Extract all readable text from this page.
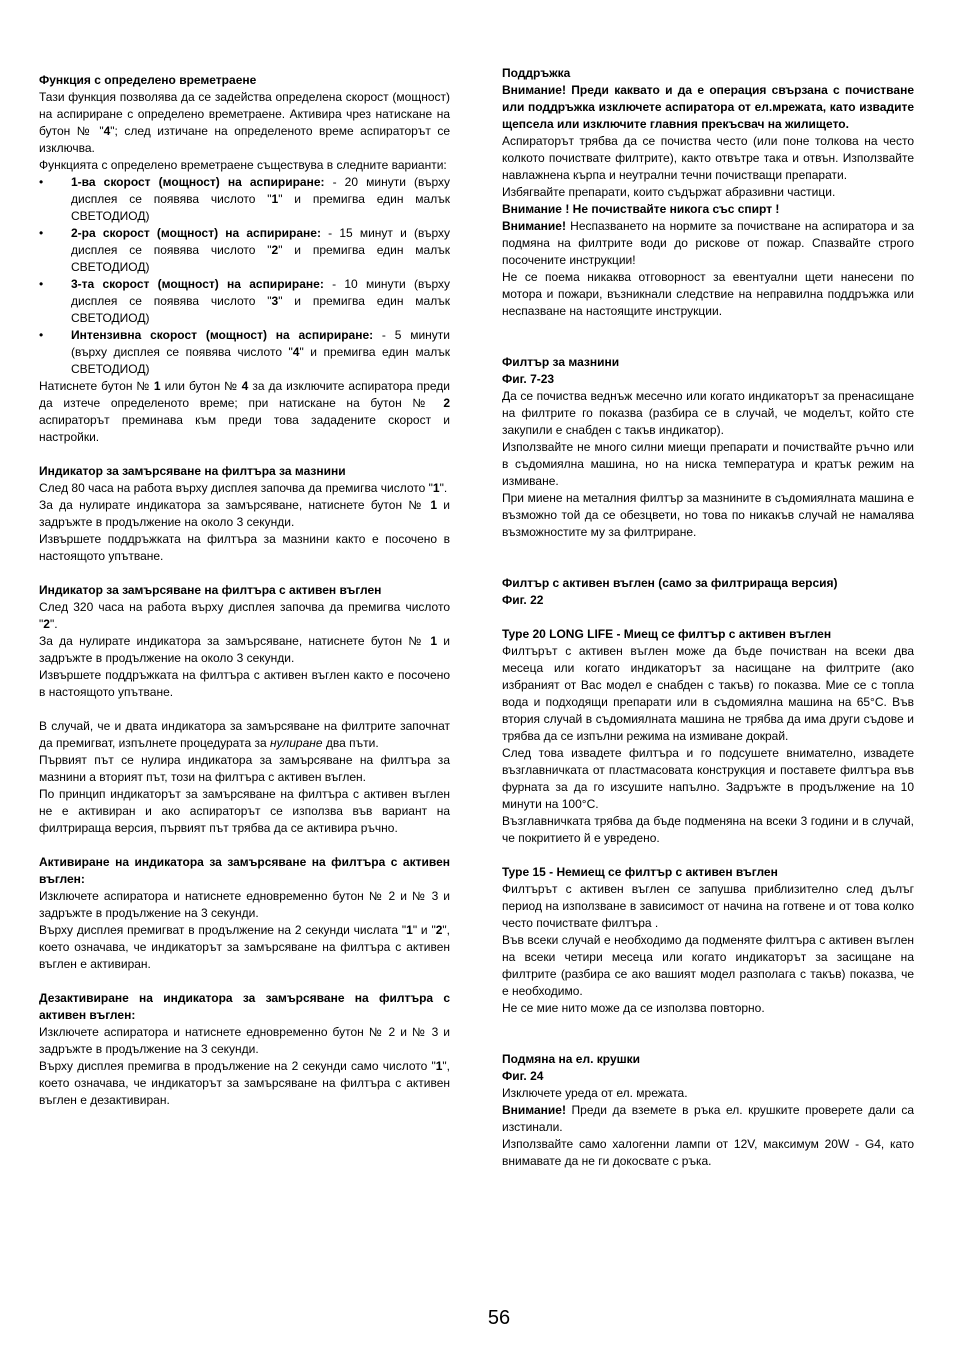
Функция с определено времетраене

Тази функция позволява да се задейства определена скорост (мощност) на аспириране с определено времетраене. Активира чрез натискане на бутон № "4"; след изтичане на определеното време аспираторът се изключва.

Функцията с определено времетраене съществува в следните варианти:

• 1-ва скорост (мощност) на аспириране: - 20 минути (върху дисплея се появява числото "1" и премигва един малък СВЕТОДИОД)
• 2-ра скорост (мощност) на аспириране: - 15 минут и (върху дисплея се появява числото "2" и премигва един малък СВЕТОДИОД)
• 3-та скорост (мощност) на аспириране: - 10 минути (върху дисплея се появява числото "3" и премигва един малък СВЕТОДИОД)
• Интензивна скорост (мощност) на аспириране: - 5 минути (върху дисплея се появява числото "4" и премигва един малък СВЕТОДИОД)

Натиснете бутон № 1 или бутон № 4 за да изключите аспиратора преди да изтече определеното време; при натискане на бутон № 2 аспираторът преминава към преди това зададените скорост и настройки.

Индикатор за замърсяване на филтъра за мазнини

След 80 часа на работа върху дисплея започва да премигва числото "1".

За да нулирате индикатора за замърсяване, натиснете бутон № 1 и задръжте в продължение на около 3 секунди.

Извършете поддръжката на филтъра за мазнини както е посочено в настоящото упътване.

Индикатор за замърсяване на филтъра с активен въглен

След 320 часа на работа върху дисплея започва да премигва числото "2".

За да нулирате индикатора за замърсяване, натиснете бутон № 1 и задръжте в продължение на около 3 секунди.

Извършете поддръжката на филтъра с активен въглен както е посочено в настоящото упътване.

В случай, че и двата индикатора за замърсяване на филтрите започнат да премигват, изпълнете процедурата за нулиране два пъти.

Първият път се нулира индикатора за замърсяване на филтъра за мазнини а вторият път, този на филтъра с активен въглен.

По принцип индикаторът за замърсяване на филтъра с активен въглен не е активиран и ако аспираторът се използва във вариант на филтрираща версия, първият път трябва да се активира ръчно.

Активиране на индикатора за замърсяване на филтъра с активен въглен:

Изключете аспиратора и натиснете едновременно бутон № 2 и № 3 и задръжте в продължение на 3 секунди.

Върху дисплея премигват в продължение на 2 секунди числата "1" и "2", което означава, че индикаторът за замърсяване на филтъра с активен въглен е активиран.

Дезактивиране на индикатора за замърсяване на филтъра с активен въглен:

Изключете аспиратора и натиснете едновременно бутон № 2 и № 3 и задръжте в продължение на 3 секунди.

Върху дисплея премигва в продължение на 2 секунди само числото "1", което означава, че индикаторът за замърсяване на филтъра с активен въглен е дезактивиран.

Поддръжка

Внимание! Преди каквато и да е операция свързана с почистване или поддръжка изключете аспиратора от ел.мрежата, като извадите щепсела или изключите главния прекъсвач на жилището.

Аспираторът трябва да се почиства често (или поне толкова на често колкото почиствате филтрите), както отвътре така и отвън. Използвайте навлажнена кърпа и неутрални течни почистващи препарати.

Избягвайте препарати, които съдържат абразивни частици.

Внимание ! Не почиствайте никога със спирт !

Внимание! Неспазването на нормите за почистване на аспиратора и за подмяна на филтрите води до рискове от пожар. Спазвайте строго посочените инструкции!

Не се поема никаква отговорност за евентуални щети нанесени по мотора и пожари, възникнали следствие на неправилна поддръжка или неспазване на настоящите инструкции.

Филтър за мазнини
Фиг. 7-23

Да се почиства веднъж месечно или когато индикаторът за пренасищане на филтрите го показва (разбира се в случай, че моделът, който сте закупили е снабден с такъв индикатор).

Използвайте не много силни миещи препарати и почиствайте ръчно или в съдомиялна машина, но на ниска температура и кратък режим на измиване.

При миене на металния филтър за мазнините в съдомиялната машина е възможно той да се обезцвети, но това по никакъв случай не намалява възможностите му за филтриране.

Филтър с активен въглен (само за филтрираща версия)
Фиг. 22
Type 20 LONG LIFE - Миещ се филтър с активен въглен

Филтърът с активен въглен може да бъде почистван на всеки два месеца или когато индикаторът за насищане на филтрите (ако избраният от Вас модел е снабден с такъв) го показва. Мие се с топла вода и подходящи препарати или в съдомиялна машина на 65°C. Във втория случай в съдомиялната машина не трябва да има други съдове и трябва да се изпълни режима на измиване докрай.

След това извадете филтъра и го подсушете внимателно, извадете възглавничката от пластмасовата конструкция и поставете филтъра във фурната за да го изсушите напълно. Задръжте в продължение на 10 минути на 100°C.

Възглавничката трябва да бъде подменяна на всеки 3 години и в случай, че покритието й е увредено.

Type 15 - Немиещ се филтър с активен въглен

Филтърът с активен въглен се запушва приблизително след дълъг период на използване в зависимост от начина на готвене и от това колко често почиствате филтъра .

Във всеки случай е необходимо да подменяте филтъра с активен въглен на всеки четири месеца или когато индикаторът за засищане на филтрите (разбира се ако вашият модел разполага с такъв) показва, че е необходимо.

Не се мие нито може да се използва повторно.

Подмяна на ел. крушки
Фиг. 24

Изключете уреда от ел. мрежата.

Внимание! Преди да вземете в ръка ел. крушките проверете дали са изстинали.

Използвайте само халогенни лампи от 12V, максимум 20W - G4, като внимавате да не ги докосвате с ръка.

56
